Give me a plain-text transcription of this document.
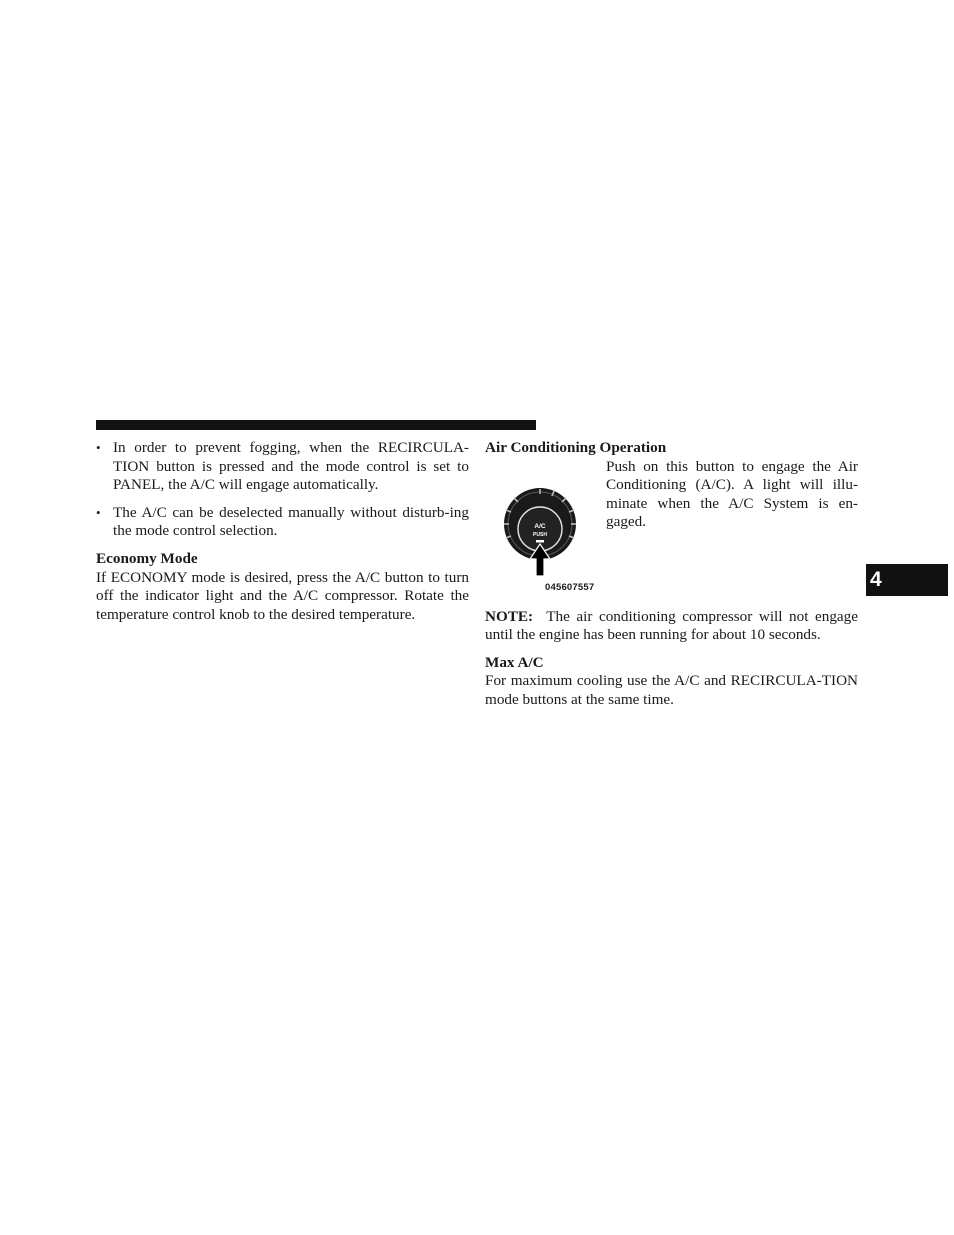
• In order to prevent fogging, when the RECIRCULA-TION button is pressed and the mode control is set to PANEL, the A/C will engage automatically.
• The A/C can be deselected manually without disturb-ing the mode control selection.
Economy Mode

If ECONOMY mode is desired, press the A/C button to turn off the indicator light and the A/C compressor. Rotate the temperature control knob to the desired temperature.

Air Conditioning Operation
A/C
PUSH
045607557
Push on this button to engage the Air Conditioning (A/C). A light will illu-minate when the A/C System is en-gaged.
NOTE: The air conditioning compressor will not engage until the engine has been running for about 10 seconds.
Max A/C

For maximum cooling use the A/C and RECIRCULA-TION mode buttons at the same time.

4
